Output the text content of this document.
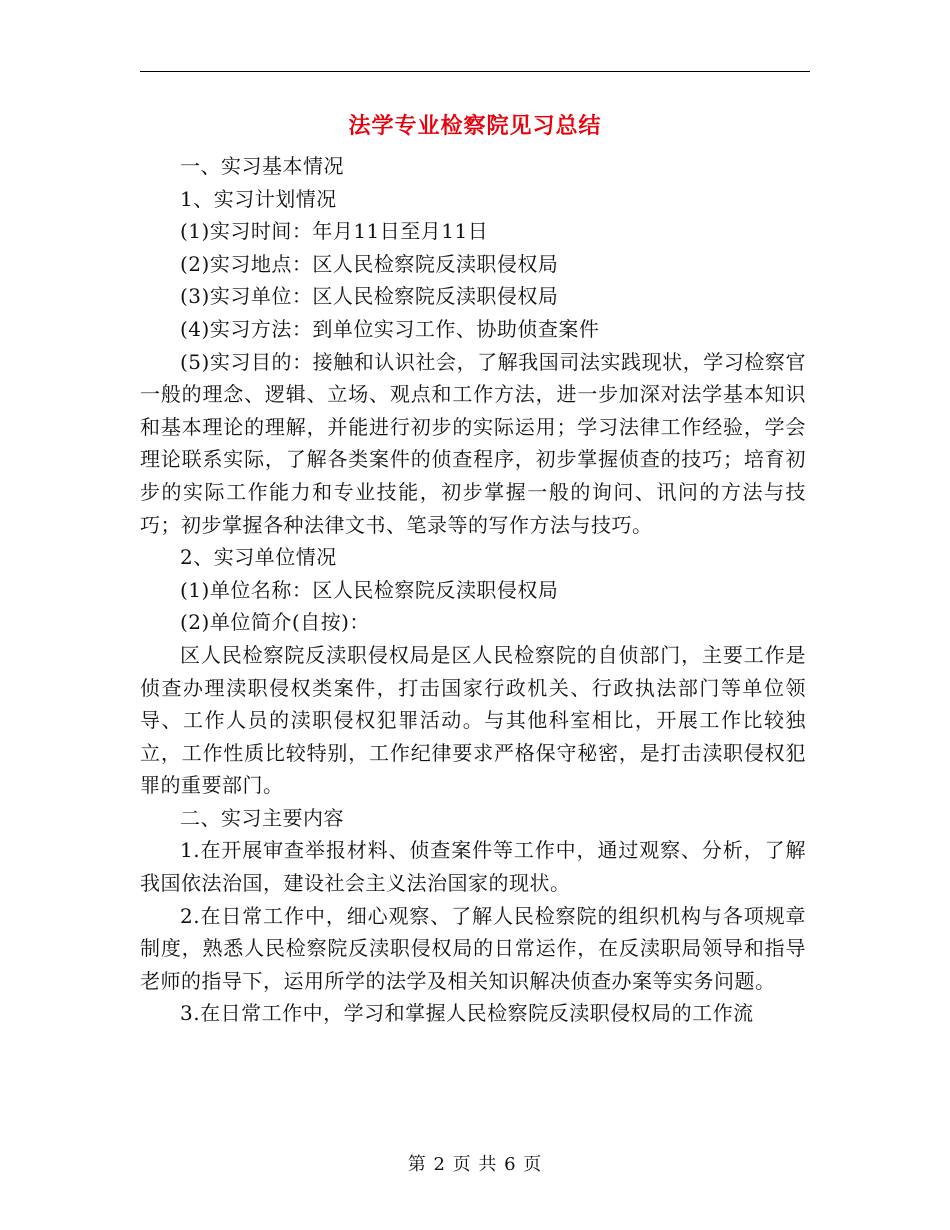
法学专业检察院见习总结

一、实习基本情况

1、实习计划情况

(1)实习时间：年月11日至月11日

(2)实习地点：区人民检察院反渎职侵权局

(3)实习单位：区人民检察院反渎职侵权局

(4)实习方法：到单位实习工作、协助侦查案件

(5)实习目的：接触和认识社会，了解我国司法实践现状，学习检察官一般的理念、逻辑、立场、观点和工作方法，进一步加深对法学基本知识和基本理论的理解，并能进行初步的实际运用；学习法律工作经验，学会理论联系实际，了解各类案件的侦查程序，初步掌握侦查的技巧；培育初步的实际工作能力和专业技能，初步掌握一般的询问、讯问的方法与技巧；初步掌握各种法律文书、笔录等的写作方法与技巧。

2、实习单位情况

(1)单位名称：区人民检察院反渎职侵权局

(2)单位简介(自按)：

区人民检察院反渎职侵权局是区人民检察院的自侦部门，主要工作是侦查办理渎职侵权类案件，打击国家行政机关、行政执法部门等单位领导、工作人员的渎职侵权犯罪活动。与其他科室相比，开展工作比较独立，工作性质比较特别，工作纪律要求严格保守秘密，是打击渎职侵权犯罪的重要部门。

二、实习主要内容

1.在开展审查举报材料、侦查案件等工作中，通过观察、分析，了解我国依法治国，建设社会主义法治国家的现状。

2.在日常工作中，细心观察、了解人民检察院的组织机构与各项规章制度，熟悉人民检察院反渎职侵权局的日常运作，在反渎职局领导和指导老师的指导下，运用所学的法学及相关知识解决侦查办案等实务问题。

3.在日常工作中，学习和掌握人民检察院反渎职侵权局的工作流

第 2 页 共 6 页
